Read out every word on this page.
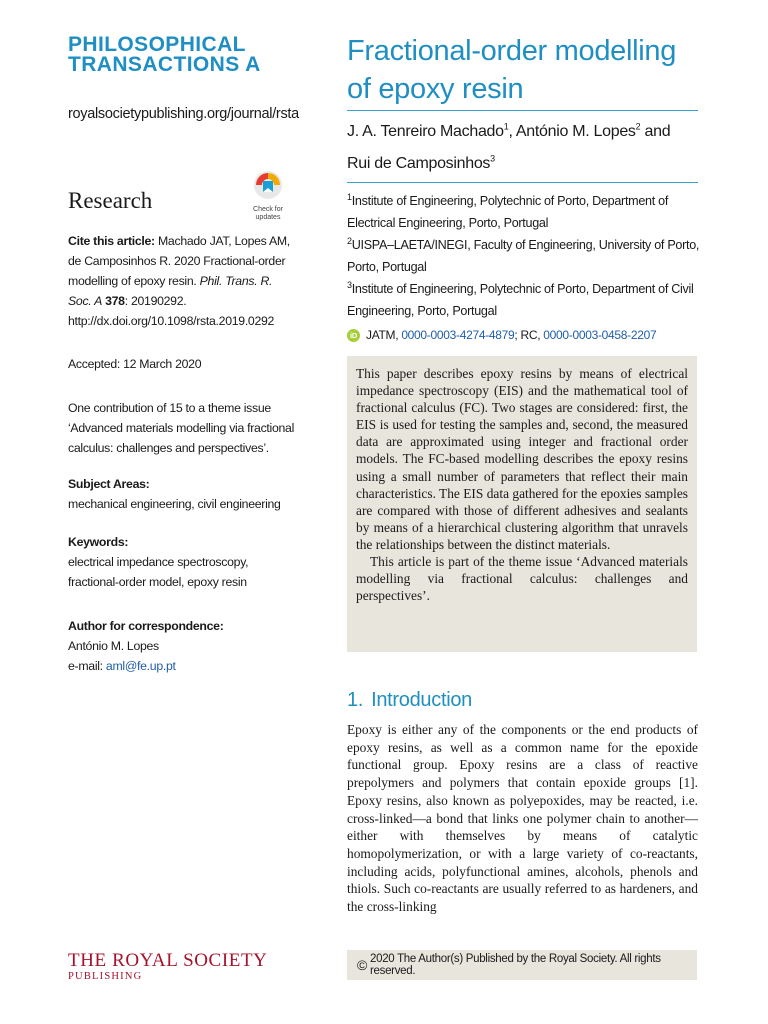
PHILOSOPHICAL
TRANSACTIONS A
royalsocietypublishing.org/journal/rsta
Research	Check for
updates
Cite this article: Machado JAT, Lopes AM, de Camposinhos R. 2020 Fractional-order modelling of epoxy resin. Phil. Trans. R. Soc. A 378: 20190292. http://dx.doi.org/10.1098/rsta.2019.0292
Accepted: 12 March 2020
One contribution of 15 to a theme issue ‘Advanced materials modelling via fractional calculus: challenges and perspectives’.
Subject Areas:
mechanical engineering, civil engineering
Keywords:
electrical impedance spectroscopy, fractional-order model, epoxy resin
Author for correspondence:
António M. Lopes
e-mail: aml@fe.up.pt
Fractional-order modelling of epoxy resin
J. A. Tenreiro Machado$^1$, António M. Lopes$^2$ and
Rui de Camposinhos$^3$
$^1$Institute of Engineering, Polytechnic of Porto, Department of Electrical Engineering, Porto, Portugal
$^2$UISPA–LAETA/INEGI, Faculty of Engineering, University of Porto, Porto, Portugal
$^3$Institute of Engineering, Polytechnic of Porto, Department of Civil Engineering, Porto, Portugal
iD JATM, 0000-0003-4274-4879; RC, 0000-0003-0458-2207

This paper describes epoxy resins by means of electrical impedance spectroscopy (EIS) and the mathematical tool of fractional calculus (FC). Two stages are considered: first, the EIS is used for testing the samples and, second, the measured data are approximated using integer and fractional order models. The FC-based modelling describes the epoxy resins using a small number of parameters that reflect their main characteristics. The EIS data gathered for the epoxies samples are compared with those of different adhesives and sealants by means of a hierarchical clustering algorithm that unravels the relationships between the distinct materials.

This article is part of the theme issue ‘Advanced materials modelling via fractional calculus: challenges and perspectives’.

1. Introduction

Epoxy is either any of the components or the end products of epoxy resins, as well as a common name for the epoxide functional group. Epoxy resins are a class of reactive prepolymers and polymers that contain epoxide groups [1]. Epoxy resins, also known as polyepoxides, may be reacted, i.e. cross-linked—a bond that links one polymer chain to another—either with themselves by means of catalytic homopolymerization, or with a large variety of co-reactants, including acids, polyfunctional amines, alcohols, phenols and thiols. Such co-reactants are usually referred to as hardeners, and the cross-linking

THE ROYAL SOCIETY
PUBLISHING
© 2020 The Author(s) Published by the Royal Society. All rights reserved.
